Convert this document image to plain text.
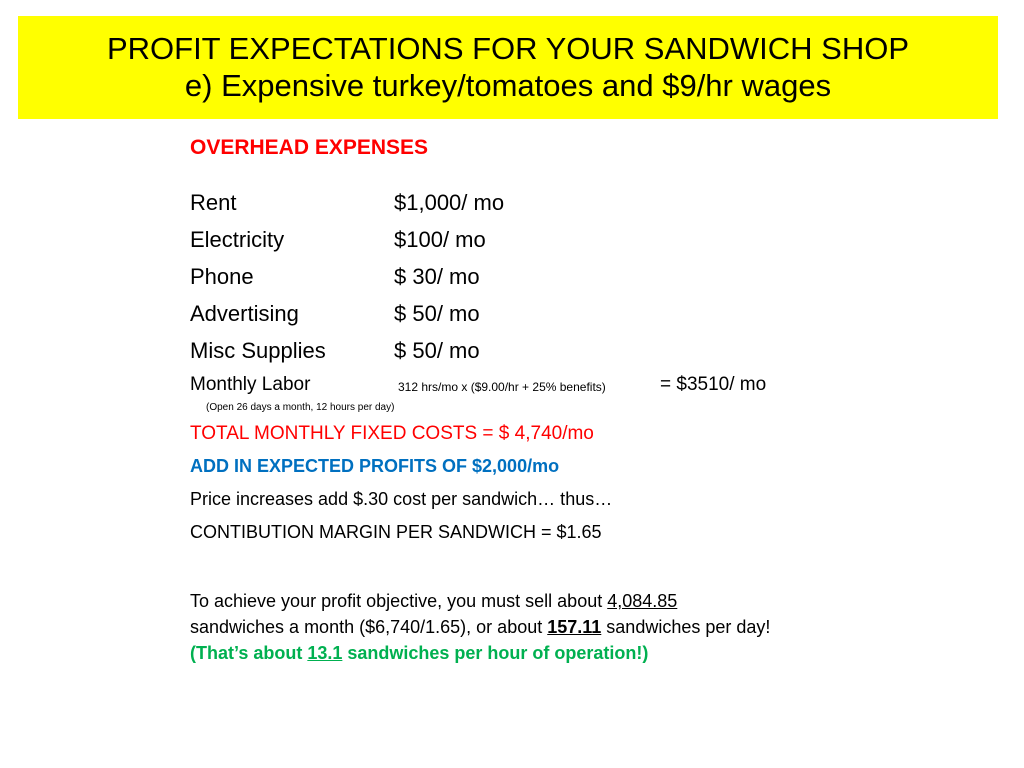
PROFIT EXPECTATIONS FOR YOUR SANDWICH SHOP
e) Expensive turkey/tomatoes and $9/hr wages
OVERHEAD EXPENSES
Rent	$1,000/ mo
Electricity	$100/ mo
Phone	$ 30/ mo
Advertising	$ 50/ mo
Misc Supplies	$ 50/ mo
Monthly Labor	312 hrs/mo x ($9.00/hr + 25% benefits)	= $3510/ mo
(Open 26 days a month, 12 hours per day)
TOTAL MONTHLY FIXED COSTS = $ 4,740/mo
ADD IN EXPECTED PROFITS OF $2,000/mo
Price increases add $.30 cost per sandwich… thus…
CONTIBUTION MARGIN PER SANDWICH = $1.65
To achieve your profit objective, you must sell about 4,084.85
sandwiches a month ($6,740/1.65), or about 157.11 sandwiches per day!
(That’s about 13.1 sandwiches per hour of operation!)
